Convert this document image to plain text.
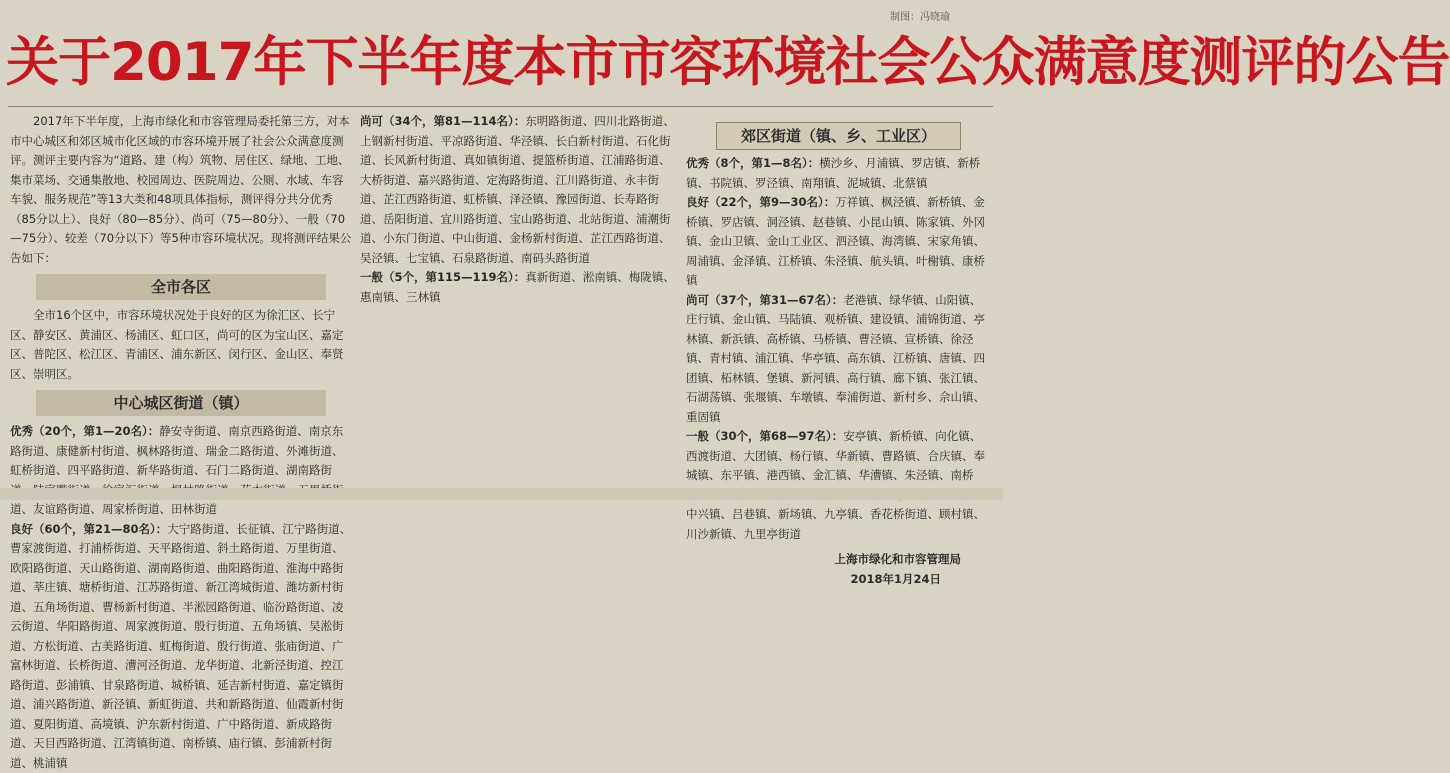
制图：冯晓瑜
关于2017年下半年度本市市容环境社会公众满意度测评的公告
2017年下半年度，上海市绿化和市容管理局委托第三方，对本市中心城区和郊区城市化区域的市容环境开展了社会公众满意度测评。测评主要内容为“道路、建（构）筑物、居住区、绿地、工地、集市菜场、交通集散地、校园周边、医院周边、公厕、水域、车容车貌、服务规范”等13大类和48项具体指标，测评得分共分优秀（85分以上）、良好（80—85分）、尚可（75—80分）、一般（70—75分）、较差（70分以下）等5种市容环境状况。现将测评结果公告如下：
全市各区
全市16个区中，市容环境状况处于良好的区为徐汇区、长宁区、静安区、黄浦区、杨浦区、虹口区，尚可的区为宝山区、嘉定区、普陀区、松江区、青浦区、浦东新区、闵行区、金山区、奉贤区、崇明区。
中心城区街道（镇）
优秀（20个，第1—20名）：静安寺街道、南京西路街道、南京东路街道、康健新村街道、枫林路街道、瑞金二路街道、外滩街道、虹桥街道、四平路街道、新华路街道、石门二路街道、湖南路街 道、友谊路街道、周家桥街道、田林街道
良好（60个，第21—80名）：大宁路街道、长征镇、江宁路街道、曹家渡街道、打浦桥街道、天平路街道、斜土路街道、万里街道、欧阳路街道、天山路街道、湖南路街道、曲阳路街道、淮海中路街道、莘庄镇、塘桥街道、江苏路街道、新江湾城街道、潍坊新村街道、五角场街道、曹杨新村街道、半淞园路街道、临汾路街道、凌云街道、华阳路街道、周家渡街道、殷行街道、五角场镇、吴淞街道、方松街道、古美路街道、虹梅街道、殷行街道、张庙街道、广富林街道、长桥街道、漕河泾街道、龙华街道、北新泾街道、控江路街道、彭浦镇、甘泉路街道、城桥镇、延吉新村街道、嘉定镇街道、浦兴路街道、新泾镇、新虹街道、共和新路街道、仙霞新村街道、夏阳街道、高境镇、沪东新村街道、广中路街道、新成路街道、天目西路街道、江湾镇街道、南桥镇、庙行镇、彭浦新村街道、桃浦镇
尚可（34个，第81—114名）：东明路街道、四川北路街道、上钢新村街道、平凉路街道、华泾镇、长白新村街道、石化街道、长风新村街道、真如镇街道、提篮桥街道、江浦路街道、大桥街道、嘉兴路街道、定海路街道、江川路街道、永丰街道、芷江西路街道、虹桥镇、泽泾镇、豫园街道、长寿路街道、岳阳街道、宜川路街道、宝山路街道、北站街道、浦潮街道、小东门街道、中山街道、金杨新村街道、芷江西路街道、吴泾镇、七宝镇、石泉路街道、南码头路街道
一般（5个，第115—119名）：真新街道、淞南镇、梅陇镇、惠南镇、三林镇
郊区街道（镇、乡、工业区）
优秀（8个，第1—8名）：横沙乡、月浦镇、罗店镇、新桥镇、书院镇、罗泾镇、南翔镇、泥城镇、北蔡镇
良好（22个，第9—30名）：万祥镇、枫泾镇、新桥镇、金桥镇、罗店镇、洞泾镇、赵巷镇、小昆山镇、陈家镇、外冈镇、金山卫镇、金山工业区、泗泾镇、海湾镇、宋家角镇、周浦镇、金泽镇、江桥镇、朱泾镇、航头镇、叶榭镇、康桥镇
尚可（37个，第31—67名）：老港镇、绿华镇、山阳镇、庄行镇、金山镇、马陆镇、观桥镇、建设镇、浦锦街道、亭林镇、新浜镇、高桥镇、马桥镇、曹泾镇、宣桥镇、徐泾镇、青村镇、浦江镇、华亭镇、高东镇、江桥镇、唐镇、四团镇、柘林镇、堡镇、新河镇、高行镇、廊下镇、张江镇、石湖荡镇、张堰镇、车墩镇、奉浦街道、新村乡、佘山镇、重固镇
一般（30个，第68—97名）：安亭镇、新桥镇、向化镇、西渡街道、大团镇、杨行镇、华新镇、曹路镇、合庆镇、奉城镇、东平镇、港西镇、金汇镇、华漕镇、朱泾镇、南桥 中兴镇、吕巷镇、新场镇、九亭镇、香花桥街道、顾村镇、川沙新镇、九里亭街道
上海市绿化和市容管理局
2018年1月24日
